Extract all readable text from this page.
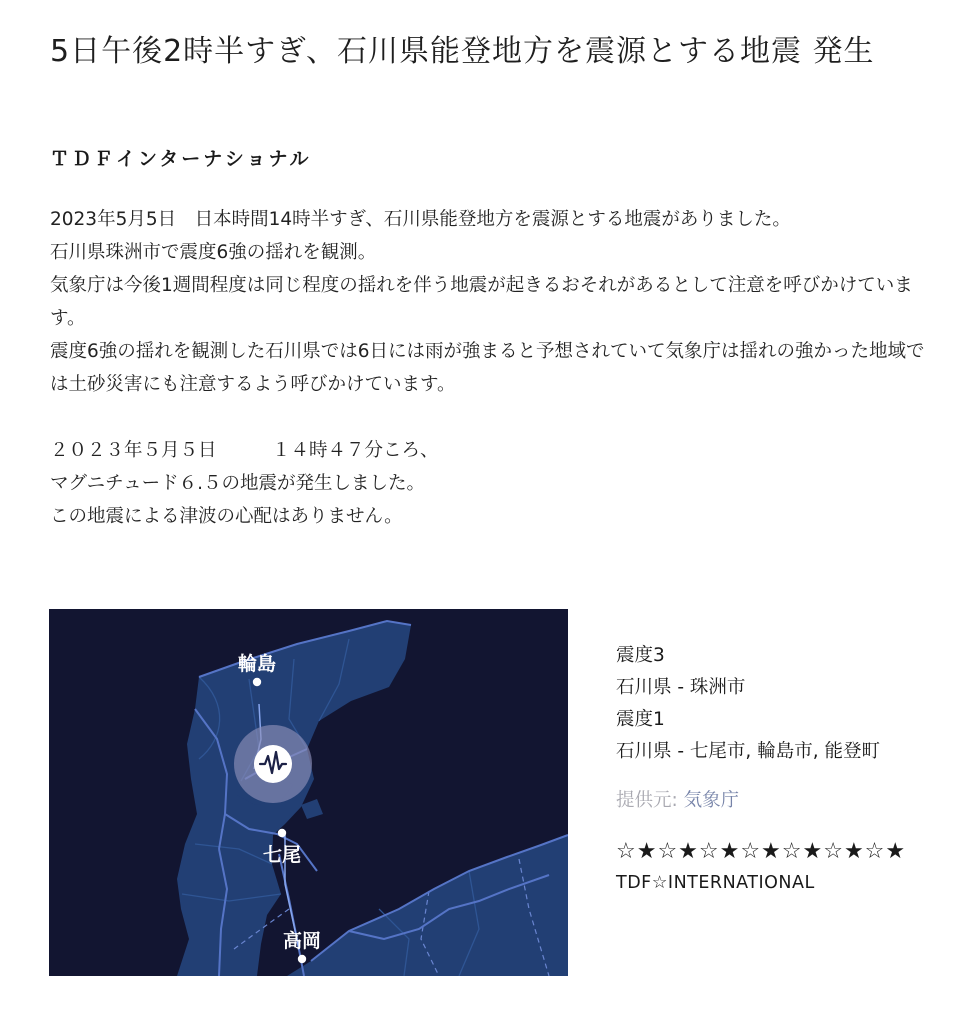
5日午後2時半すぎ、石川県能登地方を震源とする地震 発生
ＴＤＦインターナショナル

2023年5月5日　日本時間14時半すぎ、石川県能登地方を震源とする地震がありました。

石川県珠洲市で震度6強の揺れを観測。

気象庁は今後1週間程度は同じ程度の揺れを伴う地震が起きるおそれがあるとして注意を呼びかけています。

震度6強の揺れを観測した石川県では6日には雨が強まると予想されていて気象庁は揺れの強かった地域では土砂災害にも注意するよう呼びかけています。

２０２３年５月５日　　　１４時４７分ころ、

マグニチュード６.５の地震が発生しました。

この地震による津波の心配はありません。

輪島
七尾
高岡
震度3
石川県 - 珠洲市
震度1
石川県 - 七尾市, 輪島市, 能登町
提供元: 気象庁
☆★☆★☆★☆★☆★☆★☆★
TDF☆INTERNATIONAL
